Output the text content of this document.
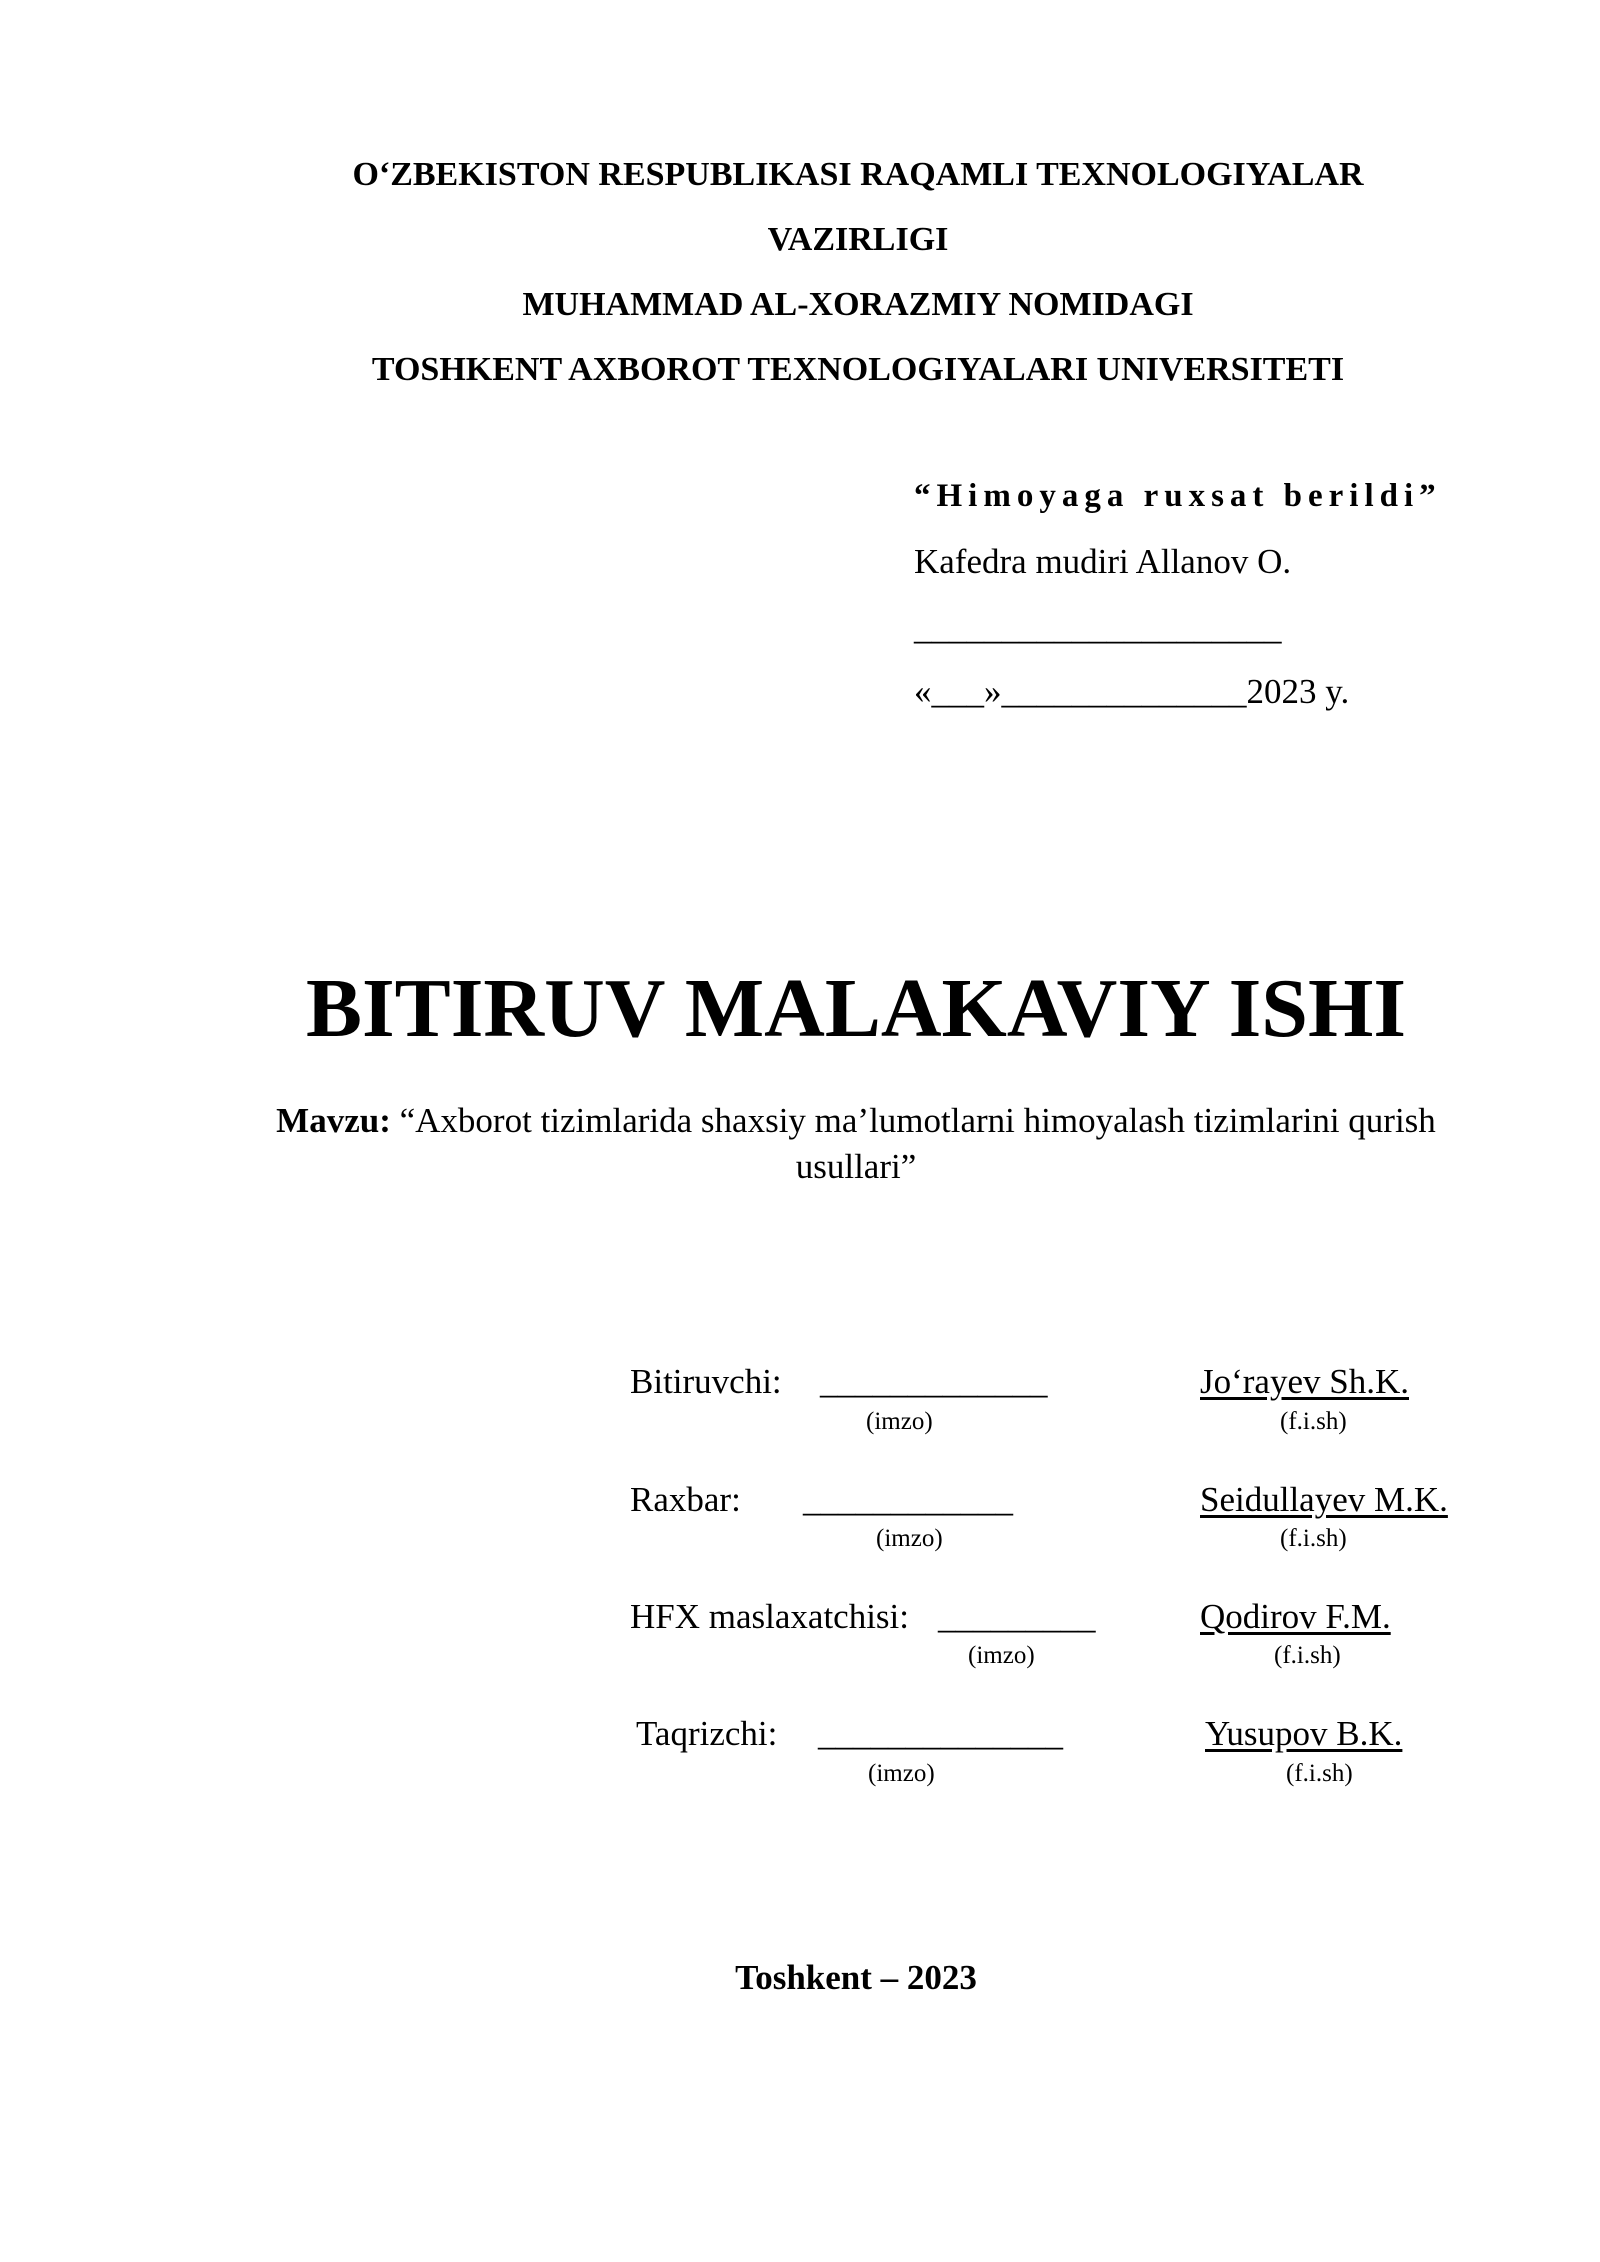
O‘ZBEKISTON RESPUBLIKASI RAQAMLI TEXNOLOGIYALAR
VAZIRLIGI
MUHAMMAD AL-XORAZMIY NOMIDAGI
TOSHKENT AXBOROT TEXNOLOGIYALARI UNIVERSITETI
“Himoyaga ruxsat berildi”
Kafedra mudiri Allanov O.
_____________________
«___»______________2023 y.
BITIRUV MALAKAVIY ISHI
Mavzu: “Axborot tizimlarida shaxsiy ma’lumotlarni himoyalash tizimlarini qurish usullari”
Bitiruvchi: _____________
(imzo)
Jo‘rayev Sh.K.
(f.i.sh)
Raxbar: ____________
(imzo)
Seidullayev M.K.
(f.i.sh)
HFX maslaxatchisi: _________
(imzo)
Qodirov F.M.
(f.i.sh)
Taqrizchi: ______________
(imzo)
Yusupov B.K.
(f.i.sh)
Toshkent – 2023
